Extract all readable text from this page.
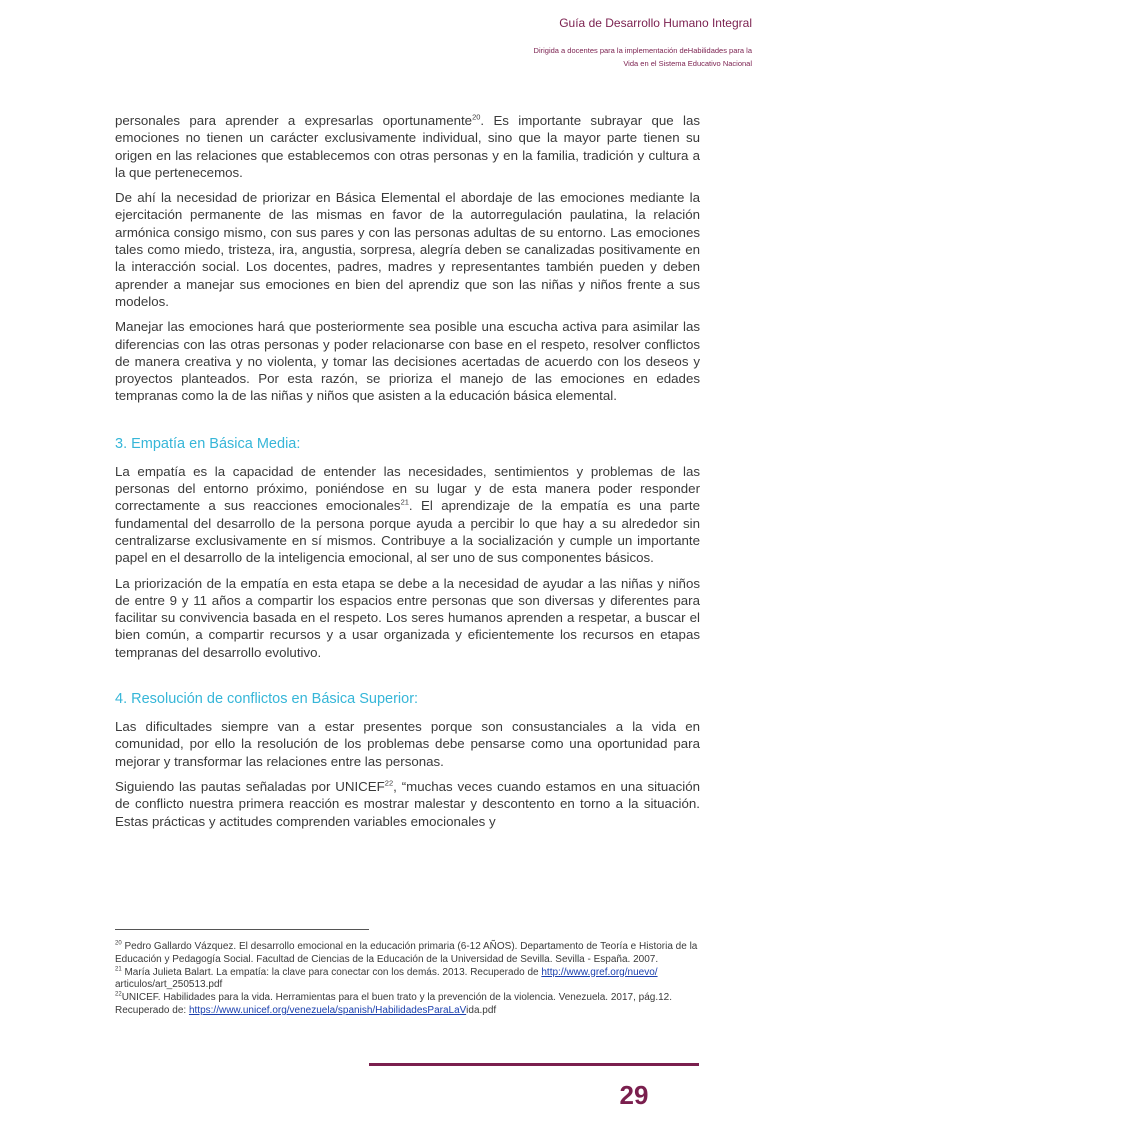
Guía de Desarrollo Humano Integral
Dirigida a docentes para la implementación deHabilidades para la
Vida en el Sistema Educativo Nacional

personales para aprender a expresarlas oportunamente$^{20}$. Es importante subrayar que las emociones no tienen un carácter exclusivamente individual, sino que la mayor parte tienen su origen en las relaciones que establecemos con otras personas y en la familia, tradición y cultura a la que pertenecemos.

De ahí la necesidad de priorizar en Básica Elemental el abordaje de las emociones mediante la ejercitación permanente de las mismas en favor de la autorregulación paulatina, la relación armónica consigo mismo, con sus pares y con las personas adultas de su entorno. Las emociones tales como miedo, tristeza, ira, angustia, sorpresa, alegría deben se canalizadas positivamente en la interacción social. Los docentes, padres, madres y representantes también pueden y deben aprender a manejar sus emociones en bien del aprendiz que son las niñas y niños frente a sus modelos.

Manejar las emociones hará que posteriormente sea posible una escucha activa para asimilar las diferencias con las otras personas y poder relacionarse con base en el respeto, resolver conflictos de manera creativa y no violenta, y tomar las decisiones acertadas de acuerdo con los deseos y proyectos planteados. Por esta razón, se prioriza el manejo de las emociones en edades tempranas como la de las niñas y niños que asisten a la educación básica elemental.

3. Empatía en Básica Media:

La empatía es la capacidad de entender las necesidades, sentimientos y problemas de las personas del entorno próximo, poniéndose en su lugar y de esta manera poder responder correctamente a sus reacciones emocionales$^{21}$. El aprendizaje de la empatía es una parte fundamental del desarrollo de la persona porque ayuda a percibir lo que hay a su alrededor sin centralizarse exclusivamente en sí mismos. Contribuye a la socialización y cumple un importante papel en el desarrollo de la inteligencia emocional, al ser uno de sus componentes básicos.

La priorización de la empatía en esta etapa se debe a la necesidad de ayudar a las niñas y niños de entre 9 y 11 años a compartir los espacios entre personas que son diversas y diferentes para facilitar su convivencia basada en el respeto. Los seres humanos aprenden a respetar, a buscar el bien común, a compartir recursos y a usar organizada y eficientemente los recursos en etapas tempranas del desarrollo evolutivo.

4. Resolución de conflictos en Básica Superior:

Las dificultades siempre van a estar presentes porque son consustanciales a la vida en comunidad, por ello la resolución de los problemas debe pensarse como una oportunidad para mejorar y transformar las relaciones entre las personas.

Siguiendo las pautas señaladas por UNICEF$^{22}$, “muchas veces cuando estamos en una situación de conflicto nuestra primera reacción es mostrar malestar y descontento en torno a la situación. Estas prácticas y actitudes comprenden variables emocionales y

$^{20}$ Pedro Gallardo Vázquez. El desarrollo emocional en la educación primaria (6-12 AÑOS). Departamento de Teoría e Historia de la Educación y Pedagogía Social. Facultad de Ciencias de la Educación de la Universidad de Sevilla. Sevilla - España. 2007.

$^{21}$ María Julieta Balart. La empatía: la clave para conectar con los demás. 2013. Recuperado de http://www.gref.org/nuevo/ articulos/art_250513.pdf

$^{22}$UNICEF. Habilidades para la vida. Herramientas para el buen trato y la prevención de la violencia. Venezuela. 2017, pág.12. Recuperado de: https://www.unicef.org/venezuela/spanish/HabilidadesParaLaVida.pdf

29
